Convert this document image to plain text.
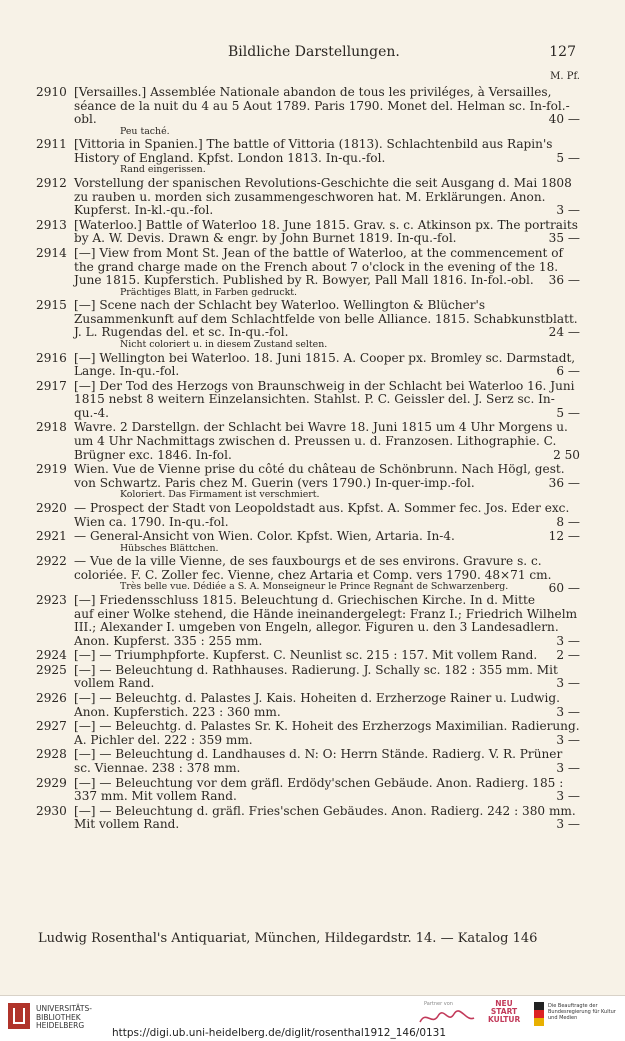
Bildliche Darstellungen.	127
M. Pf.
2910 [Versailles.] Assemblée Nationale abandon de tous les priviléges, à Versailles, séance de la nuit du 4 au 5 Aout 1789. Paris 1790. Monet del. Helman sc. In-fol.-obl.	40 —
Peu taché.
2911 [Vittoria in Spanien.] The battle of Vittoria (1813). Schlachtenbild aus Rapin's History of England. Kpfst. London 1813. In-qu.-fol.	5 —
Rand eingerissen.
2912 Vorstellung der spanischen Revolutions-Geschichte die seit Ausgang d. Mai 1808 zu rauben u. morden sich zusammengeschworen hat. M. Erklärungen. Anon. Kupferst. In-kl.-qu.-fol.	3 —
2913 [Waterloo.] Battle of Waterloo 18. June 1815. Grav. s. c. Atkinson px. The portraits by A. W. Devis. Drawn & engr. by John Burnet 1819. In-qu.-fol.	35 —
2914 [—] View from Mont St. Jean of the battle of Waterloo, at the commencement of the grand charge made on the French about 7 o'clock in the evening of the 18. June 1815. Kupferstich. Published by R. Bowyer, Pall Mall 1816. In-fol.-obl. 36 —
Prächtiges Blatt, in Farben gedruckt.
2915 [—] Scene nach der Schlacht bey Waterloo. Wellington & Blücher's Zusammenkunft auf dem Schlachtfelde von belle Alliance. 1815. Schabkunstblatt. J. L. Rugendas del. et sc. In-qu.-fol.	24 —
Nicht coloriert u. in diesem Zustand selten.
2916 [—] Wellington bei Waterloo. 18. Juni 1815. A. Cooper px. Bromley sc. Darmstadt, Lange. In-qu.-fol.	6 —
2917 [—] Der Tod des Herzogs von Braunschweig in der Schlacht bei Waterloo 16. Juni 1815 nebst 8 weitern Einzelansichten. Stahlst. P. C. Geissler del. J. Serz sc. In-qu.-4.	5 —
2918 Wavre. 2 Darstellgn. der Schlacht bei Wavre 18. Juni 1815 um 4 Uhr Morgens u. um 4 Uhr Nachmittags zwischen d. Preussen u. d. Franzosen. Lithographie. C. Brügner exc. 1846. In-fol.	2 50
2919 Wien. Vue de Vienne prise du côté du château de Schönbrunn. Nach Högl, gest. von Schwartz. Paris chez M. Guerin (vers 1790.) In-quer-imp.-fol.	36 —
Koloriert. Das Firmament ist verschmiert.
2920 — Prospect der Stadt von Leopoldstadt aus. Kpfst. A. Sommer fec. Jos. Eder exc. Wien ca. 1790. In-qu.-fol.	8 —
2921 — General-Ansicht von Wien. Color. Kpfst. Wien, Artaria. In-4.	12 —
Hübsches Blättchen.
2922 — Vue de la ville Vienne, de ses fauxbourgs et de ses environs. Gravure s. c. coloriée. F. C. Zoller fec. Vienne, chez Artaria et Comp. vers 1790. 48×71 cm.
60 —
Très belle vue. Dédiée a S. A. Monseigneur le Prince Regnant de Schwarzenberg.
2923 [—] Friedensschluss 1815. Beleuchtung d. Griechischen Kirche. In d. Mitte auf einer Wolke stehend, die Hände ineinandergelegt: Franz I.; Friedrich Wilhelm III.; Alexander I. umgeben von Engeln, allegor. Figuren u. den 3 Landesadlern. Anon. Kupferst. 335 : 255 mm.	3 —
2924 [—] — Triumphpforte. Kupferst. C. Neunlist sc. 215 : 157. Mit vollem Rand. 2 —
2925 [—] — Beleuchtung d. Rathhauses. Radierung. J. Schally sc. 182 : 355 mm. Mit vollem Rand.	3 —
2926 [—] — Beleuchtg. d. Palastes J. Kais. Hoheiten d. Erzherzoge Rainer u. Ludwig. Anon. Kupferstich. 223 : 360 mm.	3 —
2927 [—] — Beleuchtg. d. Palastes Sr. K. Hoheit des Erzherzogs Maximilian. Radierung. A. Pichler del. 222 : 359 mm.	3 —
2928 [—] — Beleuchtung d. Landhauses d. N: O: Herrn Stände. Radierg. V. R. Prüner sc. Viennae. 238 : 378 mm.	3 —
2929 [—] — Beleuchtung vor dem gräfl. Erdödy'schen Gebäude. Anon. Radierg. 185 : 337 mm. Mit vollem Rand.	3 —
2930 [—] — Beleuchtung d. gräfl. Fries'schen Gebäudes. Anon. Radierg. 242 : 380 mm. Mit vollem Rand.	3 —
Ludwig Rosenthal's Antiquariat, München, Hildegardstr. 14. — Katalog 146
UNIVERSITÄTS-
BIBLIOTHEK
HEIDELBERG
Partner von	NEU
START
KULTUR
Die Beauftragte der Bundesregierung für Kultur und Medien
https://digi.ub.uni-heidelberg.de/diglit/rosenthal1912_146/0131
